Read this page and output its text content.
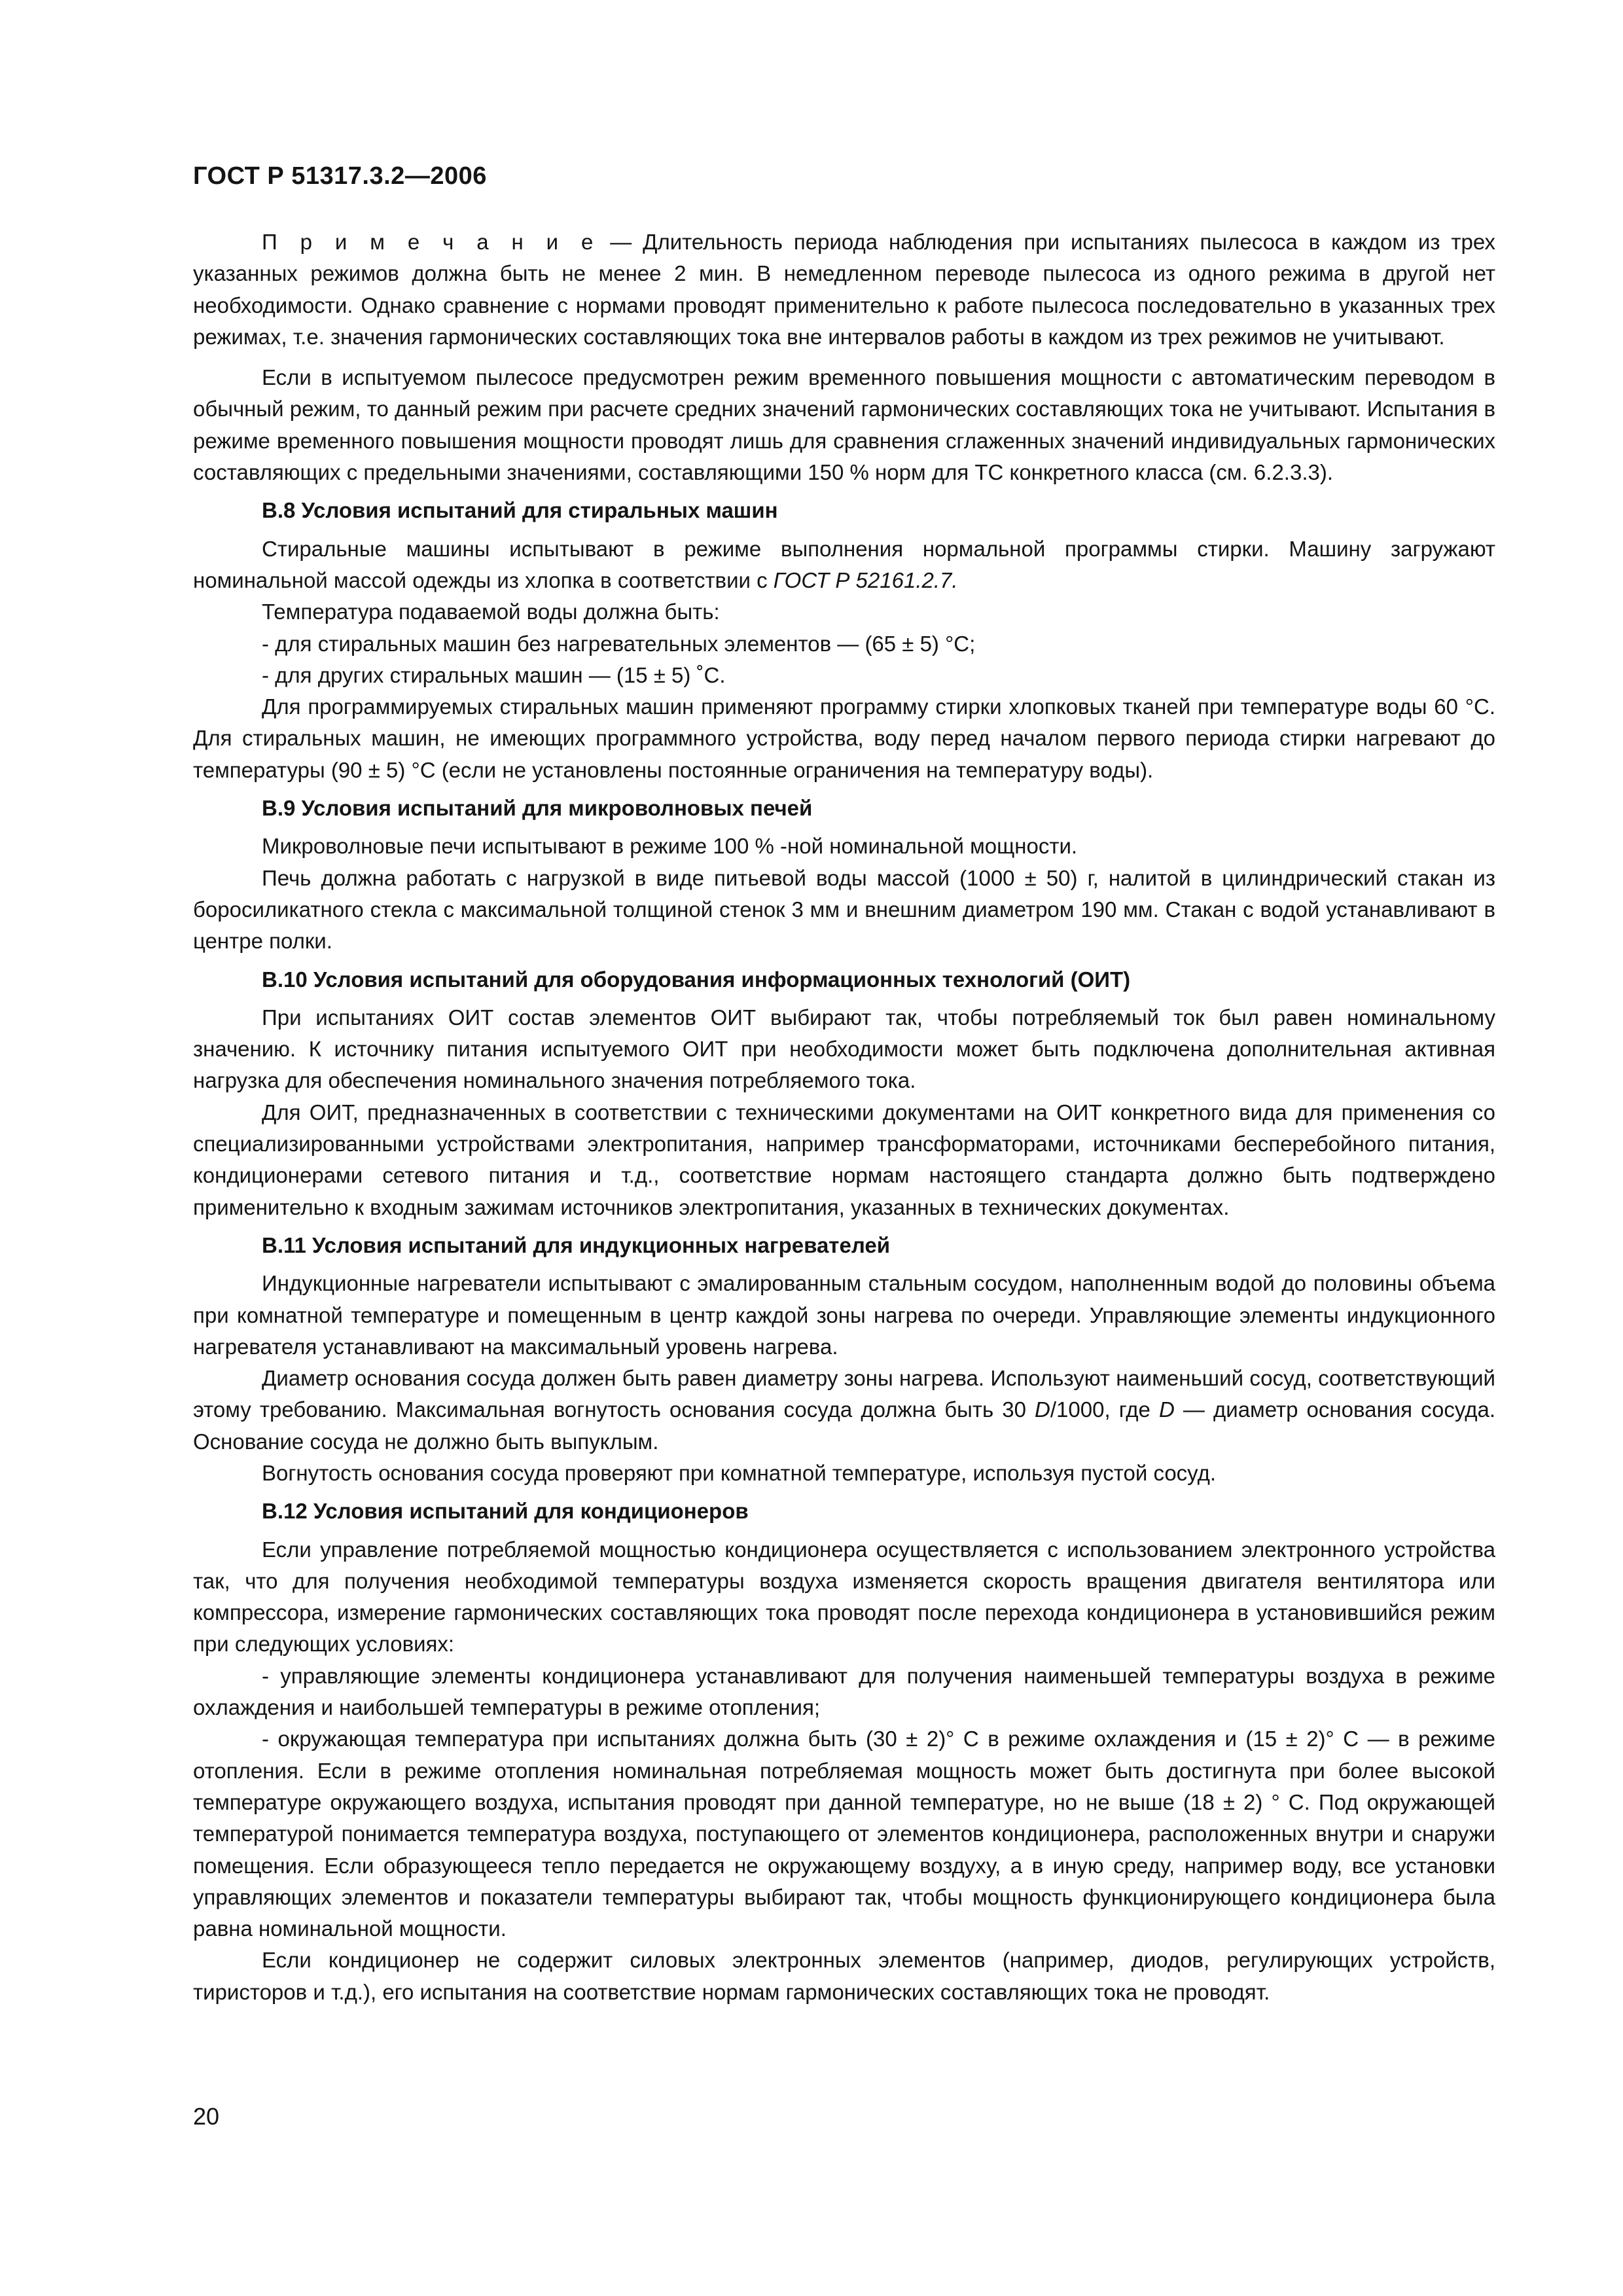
ГОСТ Р 51317.3.2—2006

П р и м е ч а н и е — Длительность периода наблюдения при испытаниях пылесоса в каждом из трех указанных режимов должна быть не менее 2 мин. В немедленном переводе пылесоса из одного режима в другой нет необходимости. Однако сравнение с нормами проводят применительно к работе пылесоса последовательно в указанных трех режимах, т.е. значения гармонических составляющих тока вне интервалов работы в каждом из трех режимов не учитывают.

Если в испытуемом пылесосе предусмотрен режим временного повышения мощности с автоматическим переводом в обычный режим, то данный режим при расчете средних значений гармонических составляющих тока не учитывают. Испытания в режиме временного повышения мощности проводят лишь для сравнения сглаженных значений индивидуальных гармонических составляющих с предельными значениями, составляющими 150 % норм для ТС конкретного класса (см. 6.2.3.3).

В.8 Условия испытаний для стиральных машин

Стиральные машины испытывают в режиме выполнения нормальной программы стирки. Машину загружают номинальной массой одежды из хлопка в соответствии с ГОСТ Р 52161.2.7.

Температура подаваемой воды должна быть:

- для стиральных машин без нагревательных элементов — (65 ± 5) °С;

- для других стиральных машин — (15 ± 5) ˚С.

Для программируемых стиральных машин применяют программу стирки хлопковых тканей при температуре воды 60 °С. Для стиральных машин, не имеющих программного устройства, воду перед началом первого периода стирки нагревают до температуры (90 ± 5) °С (если не установлены постоянные ограничения на температуру воды).

В.9 Условия испытаний для микроволновых печей

Микроволновые печи испытывают в режиме 100 % -ной номинальной мощности.

Печь должна работать с нагрузкой в виде питьевой воды массой (1000 ± 50) г, налитой в цилиндрический стакан из боросиликатного стекла с максимальной толщиной стенок 3 мм и внешним диаметром 190 мм. Стакан с водой устанавливают в центре полки.

В.10 Условия испытаний для оборудования информационных технологий (ОИТ)

При испытаниях ОИТ состав элементов ОИТ выбирают так, чтобы потребляемый ток был равен номинальному значению. К источнику питания испытуемого ОИТ при необходимости может быть подключена дополнительная активная нагрузка для обеспечения номинального значения потребляемого тока.

Для ОИТ, предназначенных в соответствии с техническими документами на ОИТ конкретного вида для применения со специализированными устройствами электропитания, например трансформаторами, источниками бесперебойного питания, кондиционерами сетевого питания и т.д., соответствие нормам настоящего стандарта должно быть подтверждено применительно к входным зажимам источников электропитания, указанных в технических документах.

В.11 Условия испытаний для индукционных нагревателей

Индукционные нагреватели испытывают с эмалированным стальным сосудом, наполненным водой до половины объема при комнатной температуре и помещенным в центр каждой зоны нагрева по очереди. Управляющие элементы индукционного нагревателя устанавливают на максимальный уровень нагрева.

Диаметр основания сосуда должен быть равен диаметру зоны нагрева. Используют наименьший сосуд, соответствующий этому требованию. Максимальная вогнутость основания сосуда должна быть 30 D/1000, где D — диаметр основания сосуда. Основание сосуда не должно быть выпуклым.

Вогнутость основания сосуда проверяют при комнатной температуре, используя пустой сосуд.

В.12 Условия испытаний для кондиционеров

Если управление потребляемой мощностью кондиционера осуществляется с использованием электронного устройства так, что для получения необходимой температуры воздуха изменяется скорость вращения двигателя вентилятора или компрессора, измерение гармонических составляющих тока проводят после перехода кондиционера в установившийся режим при следующих условиях:

- управляющие элементы кондиционера устанавливают для получения наименьшей температуры воздуха в режиме охлаждения и наибольшей температуры в режиме отопления;

- окружающая температура при испытаниях должна быть (30 ± 2)° С в режиме охлаждения и (15 ± 2)° С — в режиме отопления. Если в режиме отопления номинальная потребляемая мощность может быть достигнута при более высокой температуре окружающего воздуха, испытания проводят при данной температуре, но не выше (18 ± 2) ° С. Под окружающей температурой понимается температура воздуха, поступающего от элементов кондиционера, расположенных внутри и снаружи помещения. Если образующееся тепло передается не окружающему воздуху, а в иную среду, например воду, все установки управляющих элементов и показатели температуры выбирают так, чтобы мощность функционирующего кондиционера была равна номинальной мощности.

Если кондиционер не содержит силовых электронных элементов (например, диодов, регулирующих устройств, тиристоров и т.д.), его испытания на соответствие нормам гармонических составляющих тока не проводят.

20
